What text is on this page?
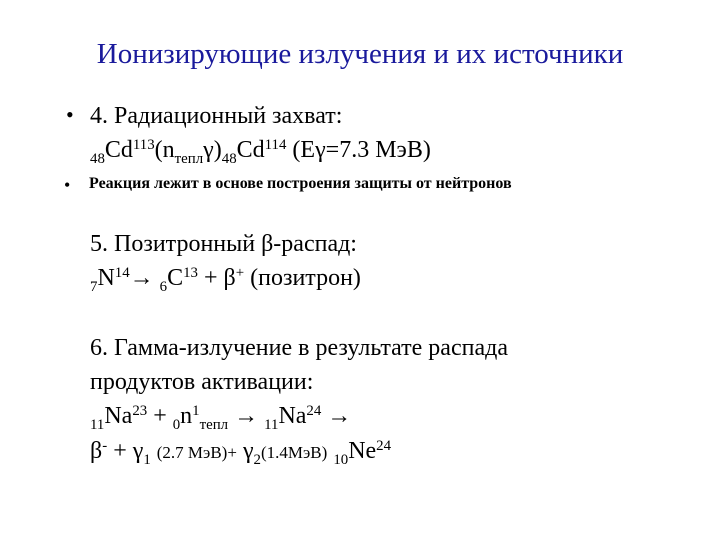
Ионизирующие излучения и их источники
• 4. Радиационный захват:
$_{48}Cd^{113}(n_{тепл}\gamma)_{48}Cd^{114}$ (Eγ=7.3 МэВ)
• Реакция лежит в основе построения защиты от нейтронов
5. Позитронный β-распад:
$_7N^{14}\to _6C^{13} + \beta^+$ (позитрон)
6. Гамма-излучение в результате распада
продуктов активации:
$_{11}Na^{23} + _0n^1_{тепл} \to _{11}Na^{24}$ →
$\beta^- + \gamma_1$ (2.7 $МэВ)+ \gamma_2(1.4МэВ)$ $_{10}Ne^{24}$
